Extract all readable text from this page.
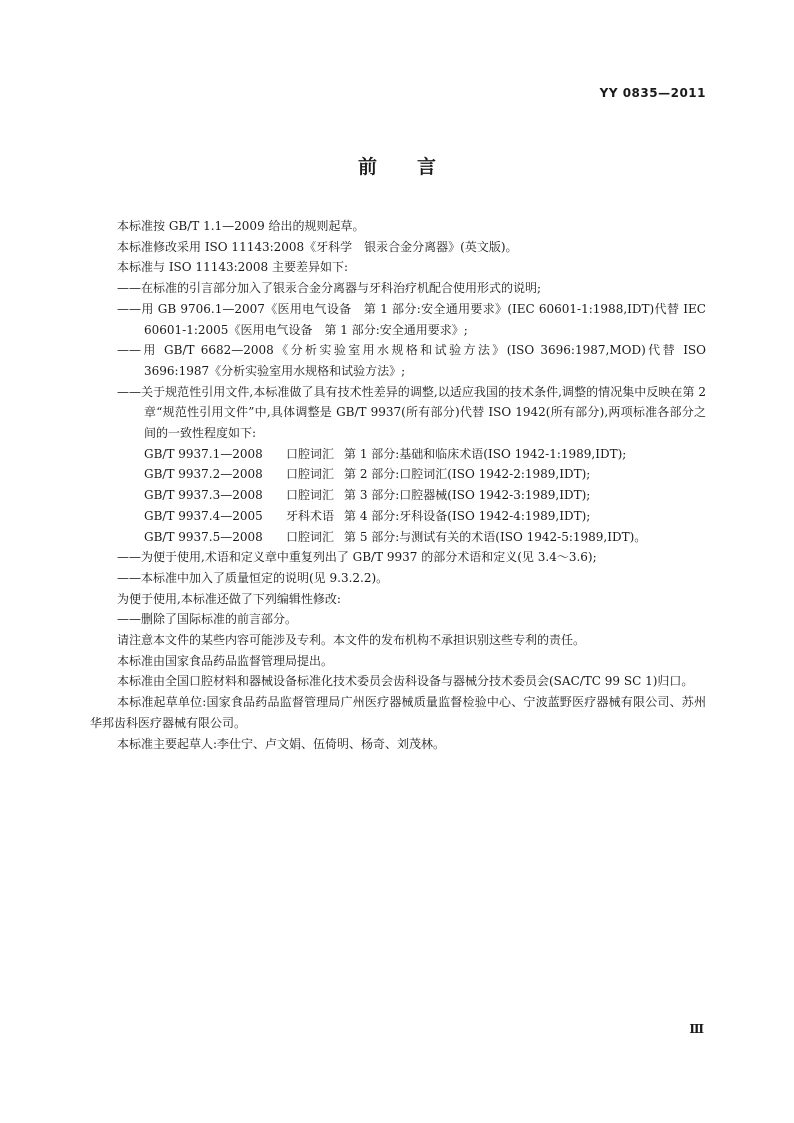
YY 0835—2011
前言

本标准按 GB/T 1.1—2009 给出的规则起草。

本标准修改采用 ISO 11143:2008《牙科学　银汞合金分离器》(英文版)。

本标准与 ISO 11143:2008 主要差异如下:

——在标准的引言部分加入了银汞合金分离器与牙科治疗机配合使用形式的说明;

——用 GB 9706.1—2007《医用电气设备　第 1 部分:安全通用要求》(IEC 60601-1:1988,IDT)代替 IEC 60601-1:2005《医用电气设备　第 1 部分:安全通用要求》;

——用 GB/T 6682—2008《分析实验室用水规格和试验方法》(ISO 3696:1987,MOD)代替 ISO 3696:1987《分析实验室用水规格和试验方法》;

——关于规范性引用文件,本标准做了具有技术性差异的调整,以适应我国的技术条件,调整的情况集中反映在第 2 章“规范性引用文件”中,具体调整是 GB/T 9937(所有部分)代替 ISO 1942(所有部分),两项标准各部分之间的一致性程度如下:

GB/T 9937.1—2008	口腔词汇 第 1 部分:基础和临床术语(ISO 1942-1:1989,IDT);
GB/T 9937.2—2008	口腔词汇 第 2 部分:口腔词汇(ISO 1942-2:1989,IDT);
GB/T 9937.3—2008	口腔词汇 第 3 部分:口腔器械(ISO 1942-3:1989,IDT);
GB/T 9937.4—2005	牙科术语 第 4 部分:牙科设备(ISO 1942-4:1989,IDT);
GB/T 9937.5—2008	口腔词汇 第 5 部分:与测试有关的术语(ISO 1942-5:1989,IDT)。

——为便于使用,术语和定义章中重复列出了 GB/T 9937 的部分术语和定义(见 3.4～3.6);

——本标准中加入了质量恒定的说明(见 9.3.2.2)。

为便于使用,本标准还做了下列编辑性修改:

——删除了国际标准的前言部分。

请注意本文件的某些内容可能涉及专利。本文件的发布机构不承担识别这些专利的责任。

本标准由国家食品药品监督管理局提出。

本标准由全国口腔材料和器械设备标准化技术委员会齿科设备与器械分技术委员会(SAC/TC 99 SC 1)归口。

本标准起草单位:国家食品药品监督管理局广州医疗器械质量监督检验中心、宁波蓝野医疗器械有限公司、苏州华邦齿科医疗器械有限公司。

本标准主要起草人:李仕宁、卢文娟、伍倚明、杨奇、刘茂林。

Ⅲ
